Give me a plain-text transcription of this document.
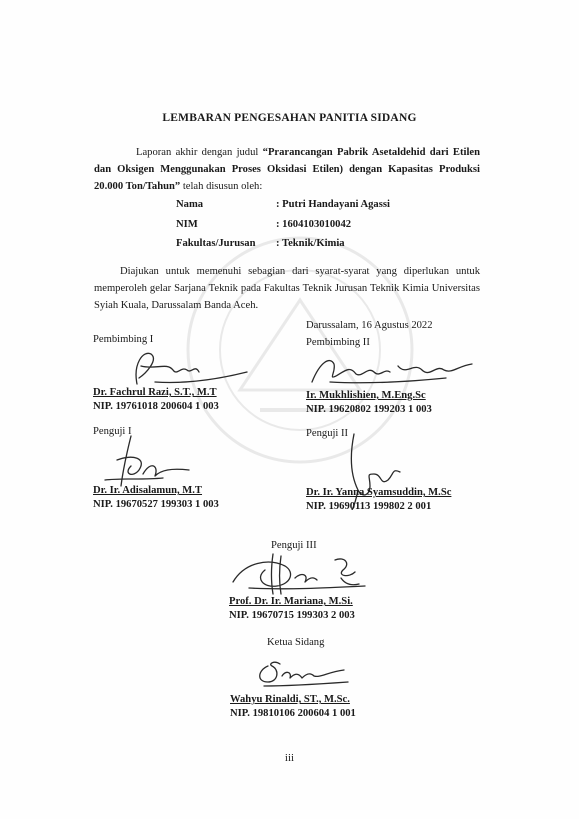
LEMBARAN PENGESAHAN PANITIA SIDANG
Laporan akhir dengan judul “Prarancangan Pabrik Asetaldehid dari Etilen dan Oksigen Menggunakan Proses Oksidasi Etilen) dengan Kapasitas Produksi 20.000 Ton/Tahun” telah disusun oleh:
Nama	: Putri Handayani Agassi
NIM	: 1604103010042
Fakultas/Jurusan : Teknik/Kimia
Diajukan untuk memenuhi sebagian dari syarat-syarat yang diperlukan untuk memperoleh gelar Sarjana Teknik pada Fakultas Teknik Jurusan Teknik Kimia Universitas Syiah Kuala, Darussalam Banda Aceh.
Darussalam, 16 Agustus 2022
Pembimbing I
Dr. Fachrul Razi, S.T., M.T
NIP. 19761018 200604 1 003
Pembimbing II
Ir. Mukhlishien, M.Eng.Sc
NIP. 19620802 199203 1 003
Penguji I
Dr. Ir. Adisalamun, M.T
NIP. 19670527 199303 1 003
Penguji II
Dr. Ir. Yanna Syamsuddin, M.Sc
NIP. 19690113 199802 2 001
Penguji III
Prof. Dr. Ir. Mariana, M.Si.
NIP. 19670715 199303 2 003
Ketua Sidang
Wahyu Rinaldi, ST., M.Sc.
NIP. 19810106 200604 1 001
iii
